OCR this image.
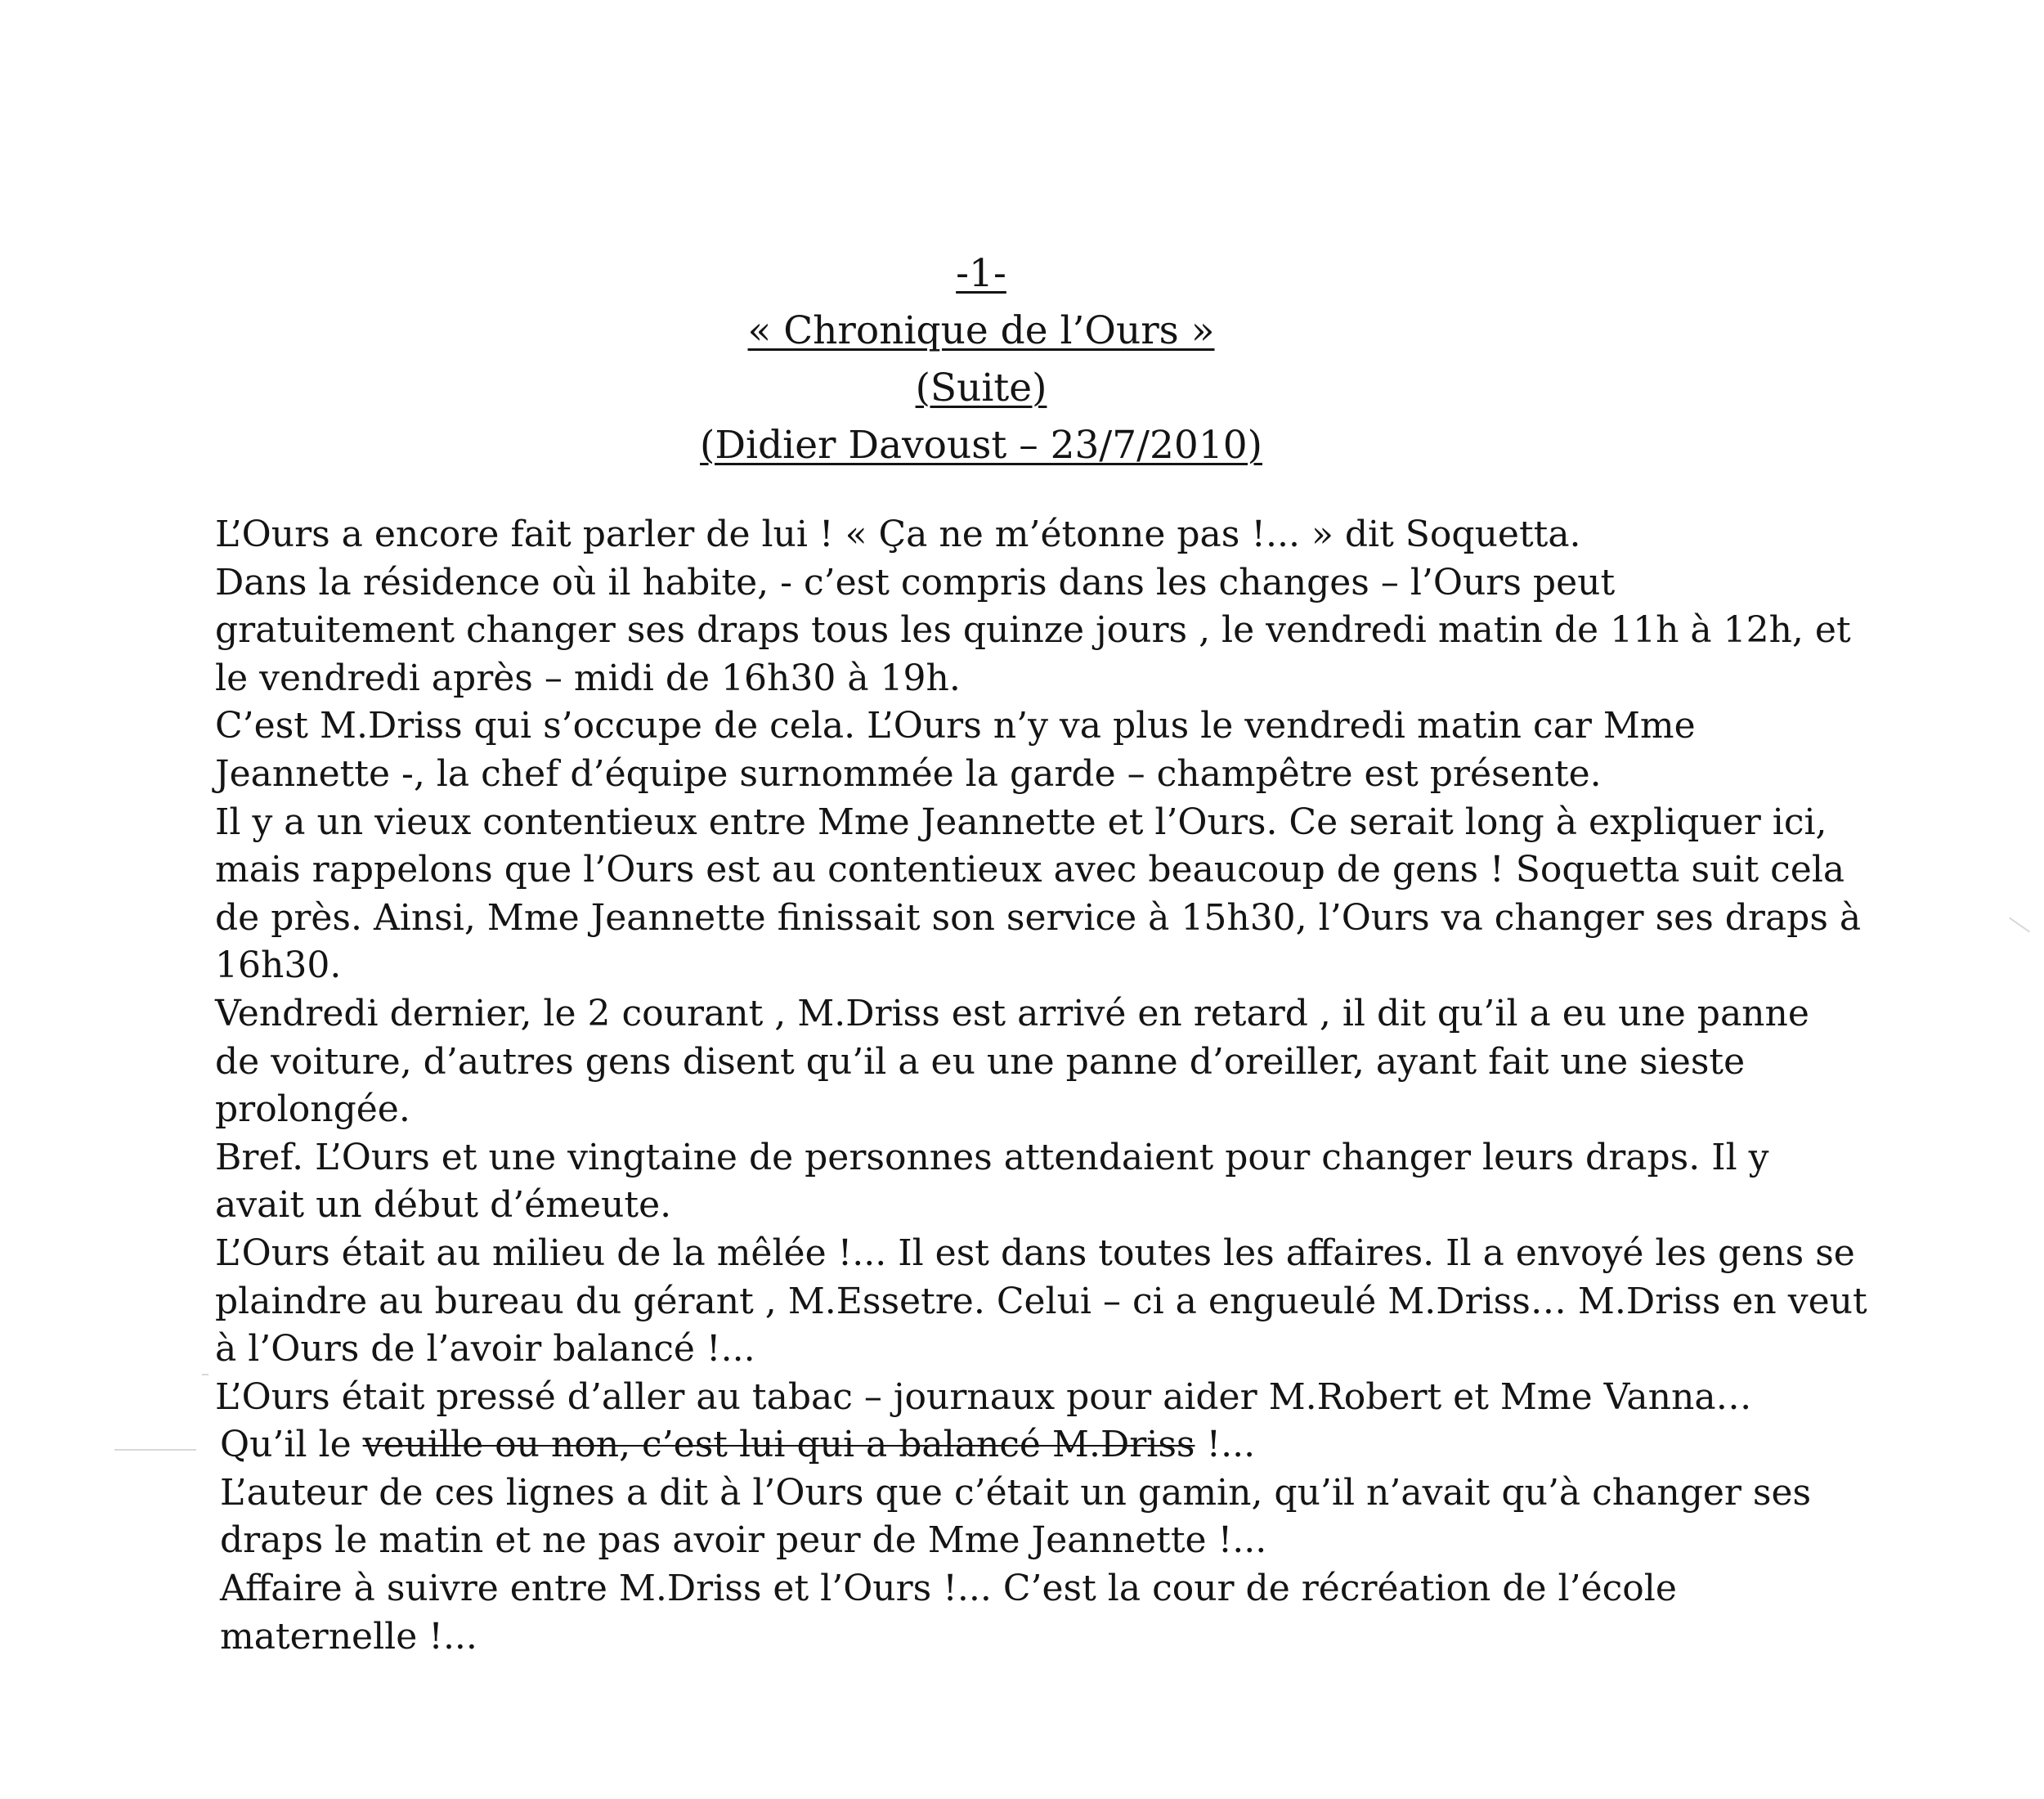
-1-
« Chronique de l’Ours »
(Suite)
(Didier Davoust – 23/7/2010)
L’Ours a encore fait parler de lui ! « Ça ne m’étonne pas !... » dit Soquetta.
Dans la résidence où il habite, - c’est compris dans les changes – l’Ours peut
gratuitement changer ses draps tous les quinze jours , le vendredi matin de 11h à 12h, et
le vendredi après – midi de 16h30 à 19h.
C’est M.Driss qui s’occupe de cela. L’Ours n’y va plus le vendredi matin car Mme
Jeannette -, la chef d’équipe surnommée la garde – champêtre est présente.
Il y a un vieux contentieux entre Mme Jeannette et l’Ours. Ce serait long à expliquer ici,
mais rappelons que l’Ours est au contentieux avec beaucoup de gens ! Soquetta suit cela
de près. Ainsi, Mme Jeannette finissait son service à 15h30, l’Ours va changer ses draps à
16h30.
Vendredi dernier, le 2 courant , M.Driss est arrivé en retard , il dit qu’il a eu une panne
de voiture, d’autres gens disent qu’il a eu une panne d’oreiller, ayant fait une sieste
prolongée.
Bref. L’Ours et une vingtaine de personnes attendaient pour changer leurs draps. Il y
avait un début d’émeute.
L’Ours était au milieu de la mêlée !... Il est dans toutes les affaires. Il a envoyé les gens se
plaindre au bureau du gérant , M.Essetre. Celui – ci a engueulé M.Driss… M.Driss en veut
à l’Ours de l’avoir balancé !...
L’Ours était pressé d’aller au tabac – journaux pour aider M.Robert et Mme Vanna…
Qu’il le veuille ou non, c’est lui qui a balancé M.Driss !...
L’auteur de ces lignes a dit à l’Ours que c’était un gamin, qu’il n’avait qu’à changer ses
draps le matin et ne pas avoir peur de Mme Jeannette !...
Affaire à suivre entre M.Driss et l’Ours !... C’est la cour de récréation de l’école
maternelle !...
